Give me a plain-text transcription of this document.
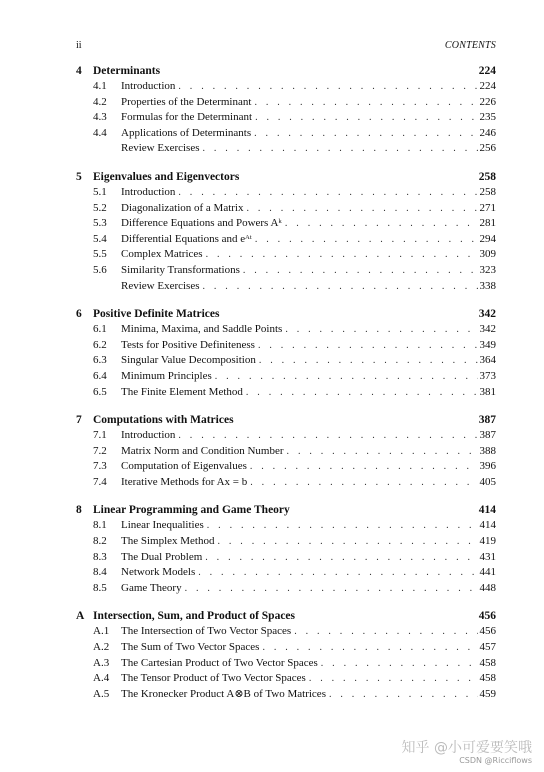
ii	CONTENTS
4 Determinants	224
4.1	Introduction . . .	224
4.2	Properties of the Determinant . . .	226
4.3	Formulas for the Determinant . . .	235
4.4	Applications of Determinants . . .	246
Review Exercises . . .	256
5 Eigenvalues and Eigenvectors	258
5.1	Introduction . . .	258
5.2	Diagonalization of a Matrix . . .	271
5.3	Difference Equations and Powers Aᵏ . . .	281
5.4	Differential Equations and eᴬᵗ . . .	294
5.5	Complex Matrices . . .	309
5.6	Similarity Transformations . . .	323
Review Exercises . . .	338
6 Positive Definite Matrices	342
6.1	Minima, Maxima, and Saddle Points . . .	342
6.2	Tests for Positive Definiteness . . .	349
6.3	Singular Value Decomposition . . .	364
6.4	Minimum Principles . . .	373
6.5	The Finite Element Method . . .	381
7 Computations with Matrices	387
7.1	Introduction . . .	387
7.2	Matrix Norm and Condition Number . . .	388
7.3	Computation of Eigenvalues . . .	396
7.4	Iterative Methods for Ax = b . . .	405
8 Linear Programming and Game Theory	414
8.1	Linear Inequalities . . .	414
8.2	The Simplex Method . . .	419
8.3	The Dual Problem . . .	431
8.4	Network Models . . .	441
8.5	Game Theory . . .	448
A Intersection, Sum, and Product of Spaces	456
A.1	The Intersection of Two Vector Spaces . . .	456
A.2	The Sum of Two Vector Spaces . . .	457
A.3	The Cartesian Product of Two Vector Spaces . . .	458
A.4	The Tensor Product of Two Vector Spaces . . .	458
A.5	The Kronecker Product A⊗B of Two Matrices . . .	459
知乎 @小可爱要笑哦
CSDN @Ricciflows
